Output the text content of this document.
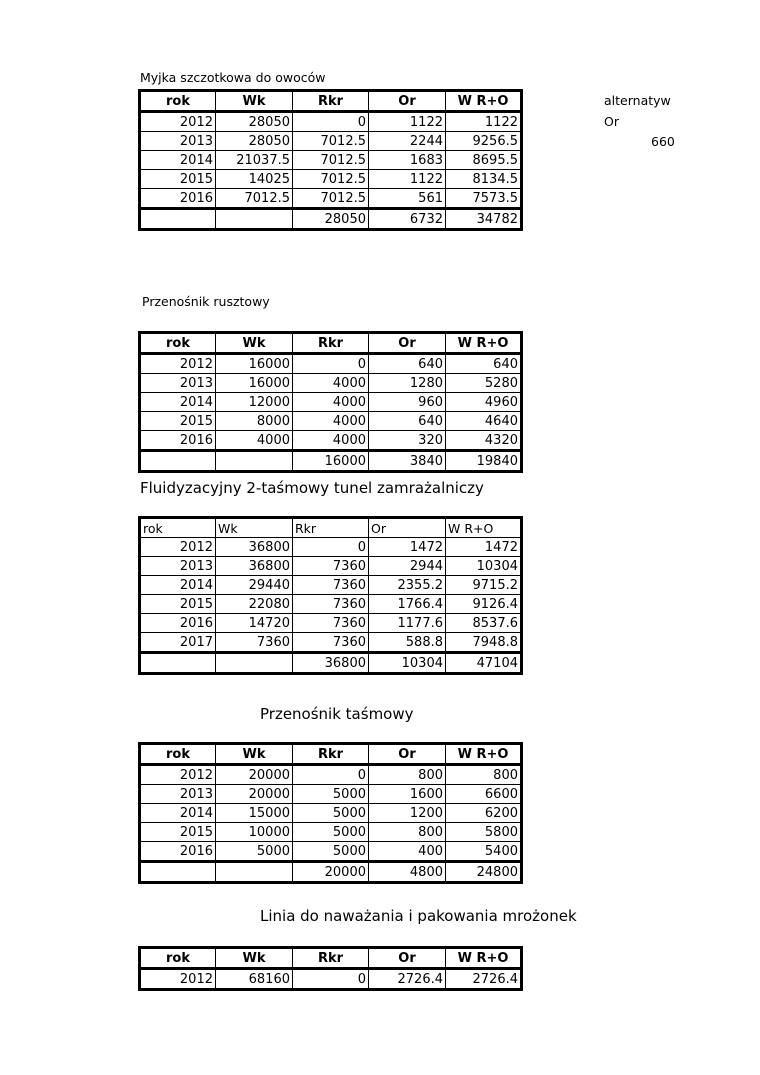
Myjka szczotkowa do owoców
rok	Wk	Rkr	Or	W R+O
2012	28050	0	1122	1122
2013	28050	7012.5	2244	9256.5
2014	21037.5	7012.5	1683	8695.5
2015	14025	7012.5	1122	8134.5
2016	7012.5	7012.5	561	7573.5
		28050	6732	34782
alternatyw
Or
660
Przenośnik rusztowy
rok	Wk	Rkr	Or	W R+O
2012	16000	0	640	640
2013	16000	4000	1280	5280
2014	12000	4000	960	4960
2015	8000	4000	640	4640
2016	4000	4000	320	4320
		16000	3840	19840
Fluidyzacyjny 2-taśmowy tunel zamrażalniczy
rok	Wk	Rkr	Or	W R+O
2012	36800	0	1472	1472
2013	36800	7360	2944	10304
2014	29440	7360	2355.2	9715.2
2015	22080	7360	1766.4	9126.4
2016	14720	7360	1177.6	8537.6
2017	7360	7360	588.8	7948.8
		36800	10304	47104
Przenośnik taśmowy
rok	Wk	Rkr	Or	W R+O
2012	20000	0	800	800
2013	20000	5000	1600	6600
2014	15000	5000	1200	6200
2015	10000	5000	800	5800
2016	5000	5000	400	5400
		20000	4800	24800
Linia do naważania i pakowania mrożonek
rok	Wk	Rkr	Or	W R+O
2012	68160	0	2726.4	2726.4
